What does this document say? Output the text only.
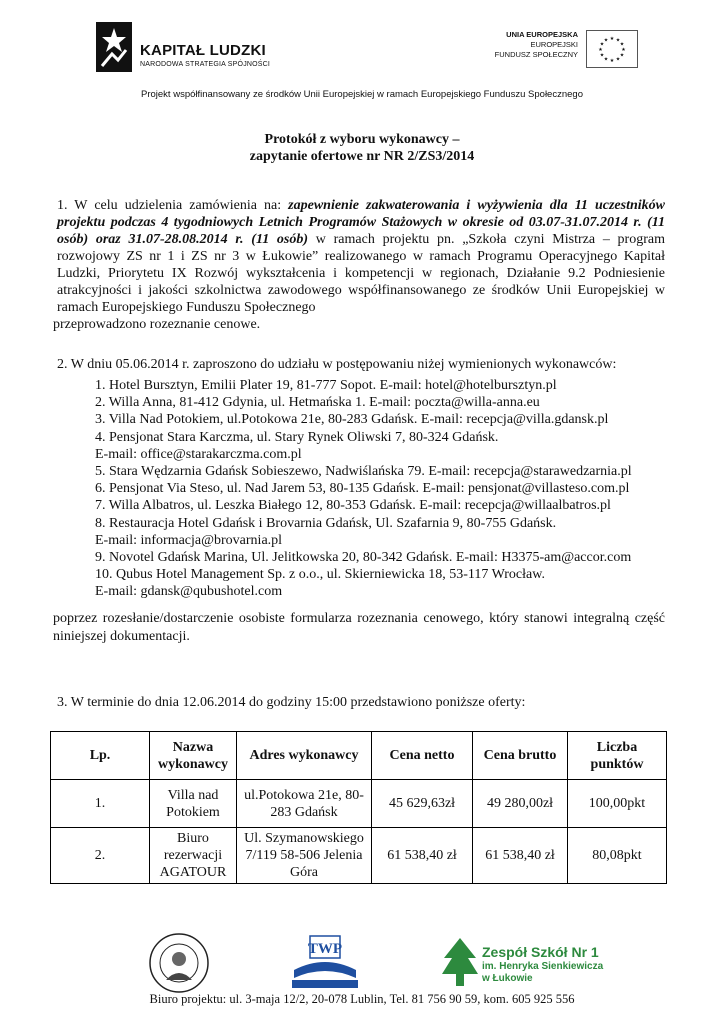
KAPITAŁ LUDZKI
NARODOWA STRATEGIA SPÓJNOŚCI
UNIA EUROPEJSKA
EUROPEJSKI
FUNDUSZ SPOŁECZNY
★ ★
★
★
★
★
★
★
★
★
★
★
Projekt współfinansowany ze środków Unii Europejskiej w ramach Europejskiego Funduszu Społecznego
Protokół z wyboru wykonawcy –
zapytanie ofertowe nr NR 2/ZS3/2014
1. W celu udzielenia zamówienia na: zapewnienie zakwaterowania i wyżywienia dla 11 uczestników projektu podczas 4 tygodniowych Letnich Programów Stażowych w okresie od 03.07-31.07.2014 r. (11 osób) oraz 31.07-28.08.2014 r. (11 osób) w ramach projektu pn. „Szkoła czyni Mistrza – program rozwojowy ZS nr 1 i ZS nr 3 w Łukowie” realizowanego w ramach Programu Operacyjnego Kapitał Ludzki, Priorytetu IX Rozwój wykształcenia i kompetencji w regionach, Działanie 9.2 Podniesienie atrakcyjności i jakości szkolnictwa zawodowego współfinansowanego ze środków Unii Europejskiej w ramach Europejskiego Funduszu Społecznego
przeprowadzono rozeznanie cenowe.
2. W dniu 05.06.2014 r. zaproszono do udziału w postępowaniu niżej wymienionych wykonawców:
1. Hotel Bursztyn, Emilii Plater 19, 81-777 Sopot. E-mail: hotel@hotelbursztyn.pl
2. Willa Anna, 81-412 Gdynia, ul. Hetmańska 1. E-mail: poczta@willa-anna.eu
3. Villa Nad Potokiem, ul.Potokowa 21e, 80-283 Gdańsk. E-mail: recepcja@villa.gdansk.pl
4. Pensjonat Stara Karczma, ul. Stary Rynek Oliwski 7, 80-324 Gdańsk.
E-mail: office@starakarczma.com.pl
5. Stara Wędzarnia Gdańsk Sobieszewo, Nadwiślańska 79. E-mail: recepcja@starawedzarnia.pl
6. Pensjonat Via Steso, ul. Nad Jarem 53, 80-135 Gdańsk. E-mail: pensjonat@villasteso.com.pl
7. Willa Albatros, ul. Leszka Białego 12, 80-353 Gdańsk. E-mail: recepcja@willaalbatros.pl
8. Restauracja Hotel Gdańsk i Brovarnia Gdańsk, Ul. Szafarnia 9, 80-755 Gdańsk.
E-mail: informacja@brovarnia.pl
9. Novotel Gdańsk Marina, Ul. Jelitkowska 20, 80-342 Gdańsk. E-mail: H3375-am@accor.com
10. Qubus Hotel Management Sp. z o.o., ul. Skierniewicka 18, 53-117 Wrocław.
E-mail: gdansk@qubushotel.com
poprzez rozesłanie/dostarczenie osobiste formularza rozeznania cenowego, który stanowi integralną część niniejszej dokumentacji.
3. W terminie do dnia 12.06.2014 do godziny 15:00 przedstawiono poniższe oferty:
Lp.	Nazwa wykonawcy	Adres wykonawcy	Cena netto	Cena brutto	Liczba punktów
1.	Villa nad Potokiem	ul.Potokowa 21e, 80-283 Gdańsk	45 629,63zł	49 280,00zł	100,00pkt
2.	Biuro rezerwacji AGATOUR	Ul. Szymanowskiego 7/119 58-506 Jelenia Góra	61 538,40 zł	61 538,40 zł	80,08pkt
TWP	Zespół Szkół Nr 1
im. Henryka Sienkiewicza
w Łukowie
Biuro projektu: ul. 3-maja 12/2, 20-078 Lublin, Tel. 81 756 90 59, kom. 605 925 556
